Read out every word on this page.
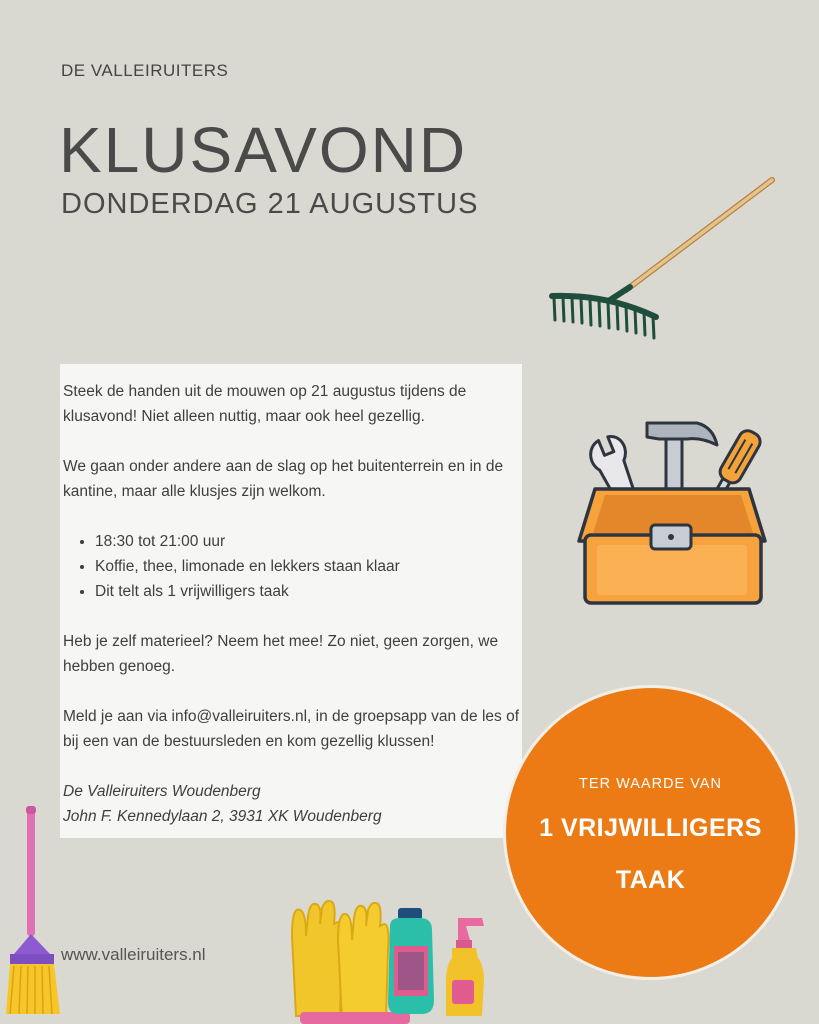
DE VALLEIRUITERS
KLUSAVOND
DONDERDAG 21 AUGUSTUS

Steek de handen uit de mouwen op 21 augustus tijdens de klusavond! Niet alleen nuttig, maar ook heel gezellig.

We gaan onder andere aan de slag op het buitenterrein en in de kantine, maar alle klusjes zijn welkom.

• 18:30 tot 21:00 uur
• Koffie, thee, limonade en lekkers staan klaar
• Dit telt als 1 vrijwilligers taak

Heb je zelf materieel? Neem het mee! Zo niet, geen zorgen, we hebben genoeg.

Meld je aan via info@valleiruiters.nl, in de groepsapp van de les of bij een van de bestuursleden en kom gezellig klussen!

De Valleiruiters Woudenberg
John F. Kennedylaan 2, 3931 XK Woudenberg
TER WAARDE VAN
1 VRIJWILLIGERS
TAAK
www.valleiruiters.nl
